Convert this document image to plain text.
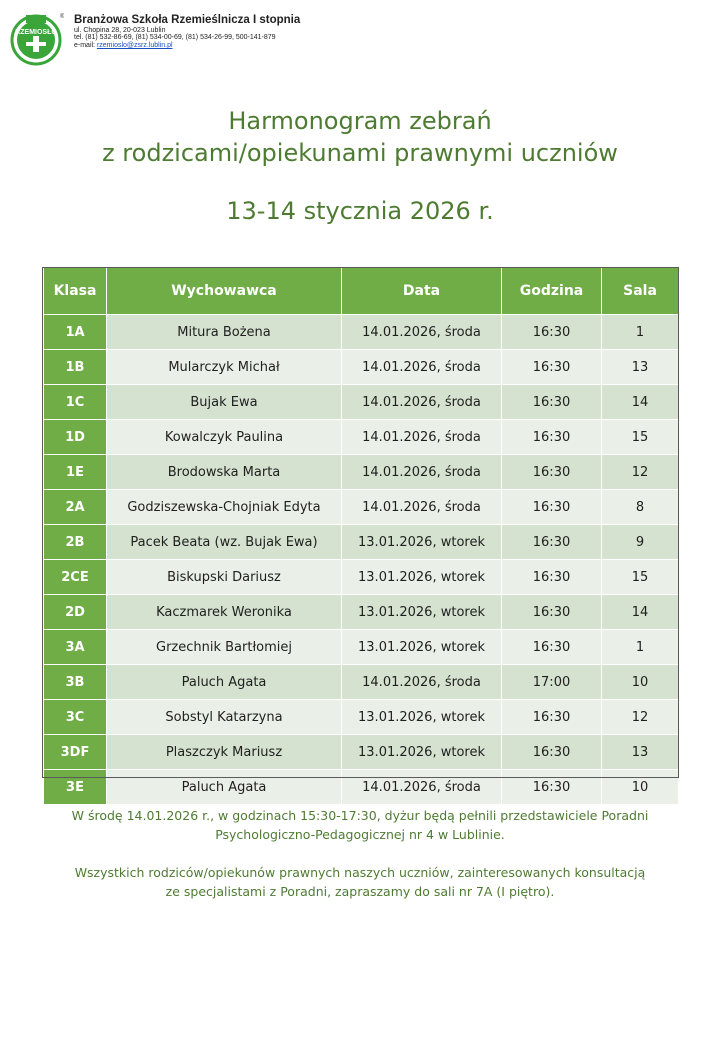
RZEMIOSŁO
® Branżowa Szkoła Rzemieślnicza I stopnia
ul. Chopina 28, 20-023 Lublin
tel. (81) 532-86-69, (81) 534-00-69, (81) 534-26-99, 500-141-879
e-mail: rzemioslo@zsrz.lublin.pl
Harmonogram zebrań
z rodzicami/opiekunami prawnymi uczniów
13-14 stycznia 2026 r.
Klasa	Wychowawca	Data	Godzina	Sala
1A	Mitura Bożena	14.01.2026, środa	16:30	1
1B	Mularczyk Michał	14.01.2026, środa	16:30	13
1C	Bujak Ewa	14.01.2026, środa	16:30	14
1D	Kowalczyk Paulina	14.01.2026, środa	16:30	15
1E	Brodowska Marta	14.01.2026, środa	16:30	12
2A	Godziszewska-Chojniak Edyta	14.01.2026, środa	16:30	8
2B	Pacek Beata (wz. Bujak Ewa)	13.01.2026, wtorek	16:30	9
2CE	Biskupski Dariusz	13.01.2026, wtorek	16:30	15
2D	Kaczmarek Weronika	13.01.2026, wtorek	16:30	14
3A	Grzechnik Bartłomiej	13.01.2026, wtorek	16:30	1
3B	Paluch Agata	14.01.2026, środa	17:00	10
3C	Sobstyl Katarzyna	13.01.2026, wtorek	16:30	12
3DF	Plaszczyk Mariusz	13.01.2026, wtorek	16:30	13
3E	Paluch Agata	14.01.2026, środa	16:30	10

W środę 14.01.2026 r., w godzinach 15:30-17:30, dyżur będą pełnili przedstawiciele Poradni
Psychologiczno-Pedagogicznej nr 4 w Lublinie.

Wszystkich rodziców/opiekunów prawnych naszych uczniów, zainteresowanych konsultacją
ze specjalistami z Poradni, zapraszamy do sali nr 7A (I piętro).
